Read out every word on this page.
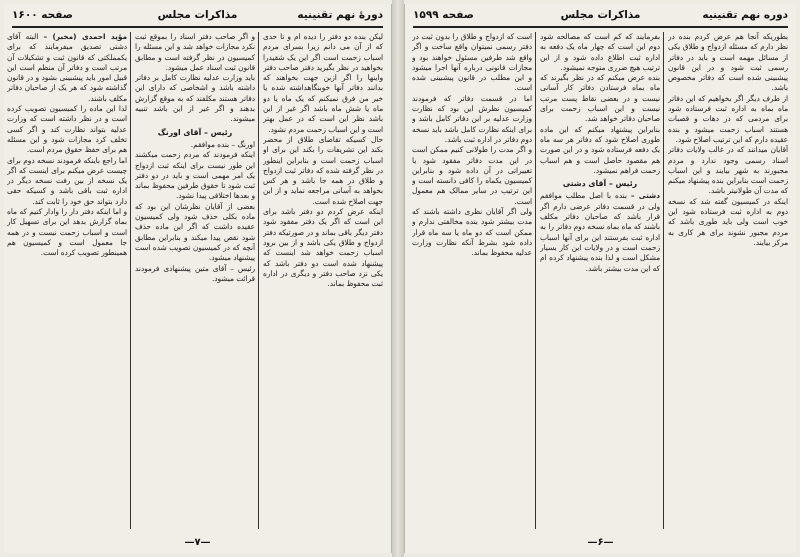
دورهٔ نهم تقنینیه
مذاکرات مجلس
صفحه ۱۶۰۰

لیکن بنده دو دفتر را دیده ام و تا حدی که از آن می دانم زیرا بسرای مردم اسباب زحمت است اگر این یک شقیدرا بخواهید در نظر بگیرید دفتر صاحب دفتر واینها را اگر ازبن جهت بخواهند که بدانند دفاتر آنها خوبنگاهداشته شده یا خیر من فرق نمیکنم که یک ماه یا دو ماه یا شش ماه باشد اگر غیر از این باشد نظر این است که در عمل بهتر است و این اسباب زحمت مردم نشود.

حال کسیکه تقاضای طلاق از محضر بکند این تشریفات را بکند این برای او اسباب زحمت است و بنابراین اینطور در نظر گرفته شده که دفاتر ثبت ازدواج و طلاق در همه جا باشد و هر کس بخواهد به آسانی مراجعه نماید و از این جهت اصلاح شده است.

اینکه عرض کردم دو دفتر باشد برای این است که اگر یک دفتر مفقود شود دفتر دیگر باقی بماند و در صورتیکه دفتر ازدواج و طلاق یکی باشد و از بین برود اسباب زحمت خواهد شد اینست که پیشنهاد شده است دو دفتر باشد که یکی نزد صاحب دفتر و دیگری در اداره ثبت محفوظ بماند.

و اگر صاحب دفتر اسناد را بموقع ثبت نکرد مجازات خواهد شد و این مسئله را کمیسیون در نظر گرفته است و مطابق قانون ثبت اسناد عمل میشود.

باید وزارت عدلیه نظارت کامل بر دفاتر داشته باشد و اشخاصی که دارای این دفاتر هستند مکلفند که به موقع گزارش بدهند و اگر غیر از این باشد تنبیه میشوند.

رئیس – آقای اورنگ

اورنگ – بنده موافقم.

اینکه فرمودند که مردم زحمت میکشند این طور نیست برای اینکه ثبت ازدواج یک امر مهمی است و باید در دو دفتر ثبت شود تا حقوق طرفین محفوظ بماند و بعدها اختلافی پیدا نشود.

بعضی از آقایان نظرشان این بود که ماده بکلی حذف شود ولی کمیسیون عقیده داشت که اگر این ماده حذف شود نقص پیدا میکند و بنابراین مطابق آنچه که در کمیسیون تصویب شده است پیشنهاد میشود.

رئیس – آقای متین پیشنهادی فرمودند قرائت میشود.

مؤید احمدی (مخبر) – البته آقای دشتی تصدیق میفرمایند که برای یکمملکتی که قانون ثبت و تشکیلات آن مرتب است و دفاتر آن منظم است این قبیل امور باید پیشبینی بشود و در قانون گذاشته شود که هر یک از صاحبان دفاتر مکلف باشند.

لذا این ماده را کمیسیون تصویب کرده است و در نظر داشته است که وزارت عدلیه بتواند نظارت کند و اگر کسی تخلف کرد مجازات شود و این مسئله هم برای حفظ حقوق مردم است.

اما راجع باینکه فرمودند نسخه دوم برای چیست عرض میکنم برای اینست که اگر یک نسخه از بین رفت نسخه دیگر در اداره ثبت باقی باشد و کسیکه حقی دارد بتواند حق خود را ثابت کند.

و اما اینکه دفتر دار را وادار کنیم که ماه بماه گزارش بدهد این برای تسهیل کار است و اسباب زحمت نیست و در همه جا معمول است و کمیسیون هم همینطور تصویب کرده است.

—۷—
دوره نهم تقنینیه
مذاکرات مجلس
صفحه ۱۵۹۹

بطوریکه آنجا هم عرض کردم بنده در نظر دارم که مسئله ازدواج و طلاق یکی از مسائل مهمه است و باید در دفاتر رسمی ثبت شود و در این قانون پیشبینی شده است که دفاتر مخصوص باشد.

از طرف دیگر اگر بخواهیم که این دفاتر ماه بماه به اداره ثبت فرستاده شود برای مردمی که در دهات و قصبات هستند اسباب زحمت میشود و بنده عقیده دارم که این ترتیب اصلاح شود.

آقایان میدانند که در غالب ولایات دفاتر اسناد رسمی وجود ندارد و مردم مجبورند به شهر بیایند و این اسباب زحمت است بنابراین بنده پیشنهاد میکنم که مدت آن طولانیتر باشد.

اینکه در کمیسیون گفته شد که نسخه دوم به اداره ثبت فرستاده شود این خوب است ولی باید طوری باشد که مردم مجبور نشوند برای هر کاری به مرکز بیایند.

بفرمایند که کم است که مصالحه شود دوم این است که چهار ماه یک دفعه به اداره ثبت اطلاع داده شود و از این ترتیب هیچ ضرری متوجه نمیشود.

بنده عرض میکنم که در نظر بگیرند که ماه بماه فرستادن دفاتر کار آسانی نیست و در بعضی نقاط پست مرتب نیست و این اسباب زحمت برای صاحبان دفاتر خواهد شد.

بنابراین پیشنهاد میکنم که این ماده طوری اصلاح شود که دفاتر هر سه ماه یک دفعه فرستاده شود و در این صورت هم مقصود حاصل است و هم اسباب زحمت فراهم نمیشود.

رئیس – آقای دشتی

دشتی – بنده با اصل مطلب موافقم ولی در قسمت دفاتر عرضی دارم اگر قرار باشد که صاحبان دفاتر مکلف باشند که ماه بماه نسخه دوم دفاتر را به اداره ثبت بفرستند این برای آنها اسباب زحمت است و در ولایات این کار بسیار مشکل است و لذا بنده پیشنهاد کرده ام که این مدت بیشتر باشد.

است که ازدواج و طلاق را بدون ثبت در دفتر رسمی نمیتوان واقع ساخت و اگر واقع شد طرفین مسئول خواهند بود و مجازات قانونی درباره آنها اجرا میشود و این مطلب در قانون پیشبینی شده است.

اما در قسمت دفاتر که فرمودند کمیسیون نظرش این بود که نظارت وزارت عدلیه بر این دفاتر کامل باشد و برای اینکه نظارت کامل باشد باید نسخه دوم دفاتر در اداره ثبت باشد.

و اگر مدت را طولانی کنیم ممکن است در این مدت دفاتر مفقود شود یا تغییراتی در آن داده شود و بنابراین کمیسیون یکماه را کافی دانسته است و این ترتیب در سایر ممالک هم معمول است.

ولی اگر آقایان نظری داشته باشند که مدت بیشتر شود بنده مخالفتی ندارم و ممکن است که دو ماه یا سه ماه قرار داده شود بشرط آنکه نظارت وزارت عدلیه محفوظ بماند.

—۶—
